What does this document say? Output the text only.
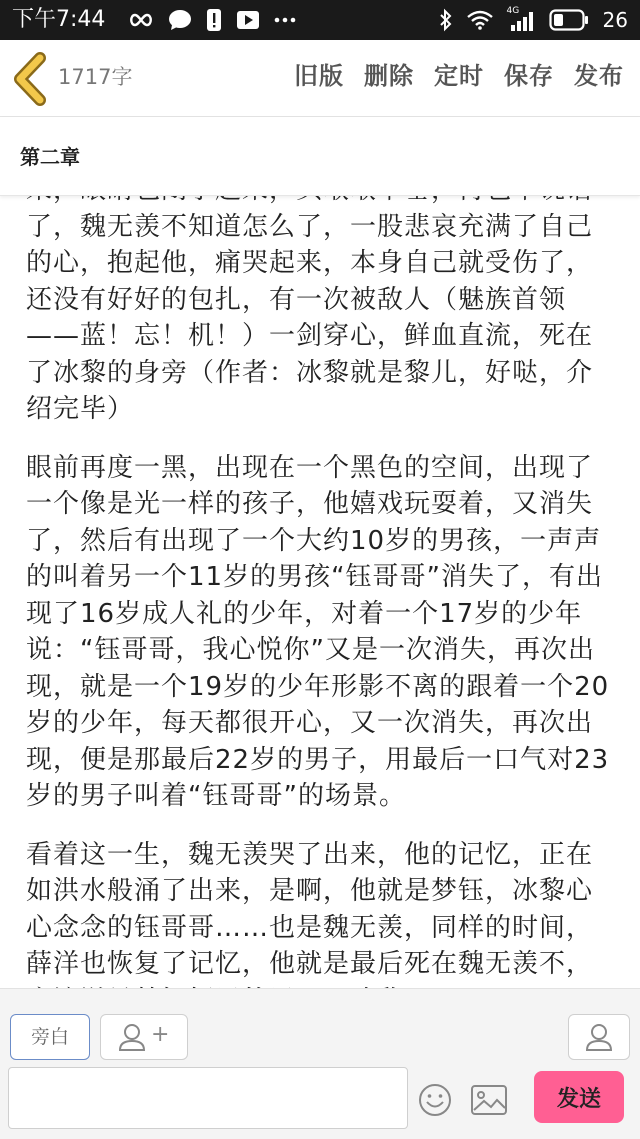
下午7:44	4G	26
1717字	旧版 删除 定时 保存 发布
第二章

了，魏无羡不知道怎么了，一股悲哀充满了自己的心，抱起他，痛哭起来，本身自己就受伤了，还没有好好的包扎，有一次被敌人（魅族首领——蓝！忘！机！）一剑穿心，鲜血直流，死在了冰黎的身旁（作者：冰黎就是黎儿，好哒，介绍完毕）

眼前再度一黑，出现在一个黑色的空间，出现了一个像是光一样的孩子，他嬉戏玩耍着，又消失了，然后有出现了一个大约10岁的男孩，一声声的叫着另一个11岁的男孩“钰哥哥”消失了，有出现了16岁成人礼的少年，对着一个17岁的少年说：“钰哥哥，我心悦你”又是一次消失，再次出现，就是一个19岁的少年形影不离的跟着一个20岁的少年，每天都很开心，又一次消失，再次出现，便是那最后22岁的男子，用最后一口气对23岁的男子叫着“钰哥哥”的场景。

看着这一生，魏无羡哭了出来，他的记忆，正在如洪水般涌了出来，是啊，他就是梦钰，冰黎心心念念的钰哥哥……也是魏无羡，同样的时间，薛洋也恢复了记忆，他就是最后死在魏无羡不，

旁白	+
发送
